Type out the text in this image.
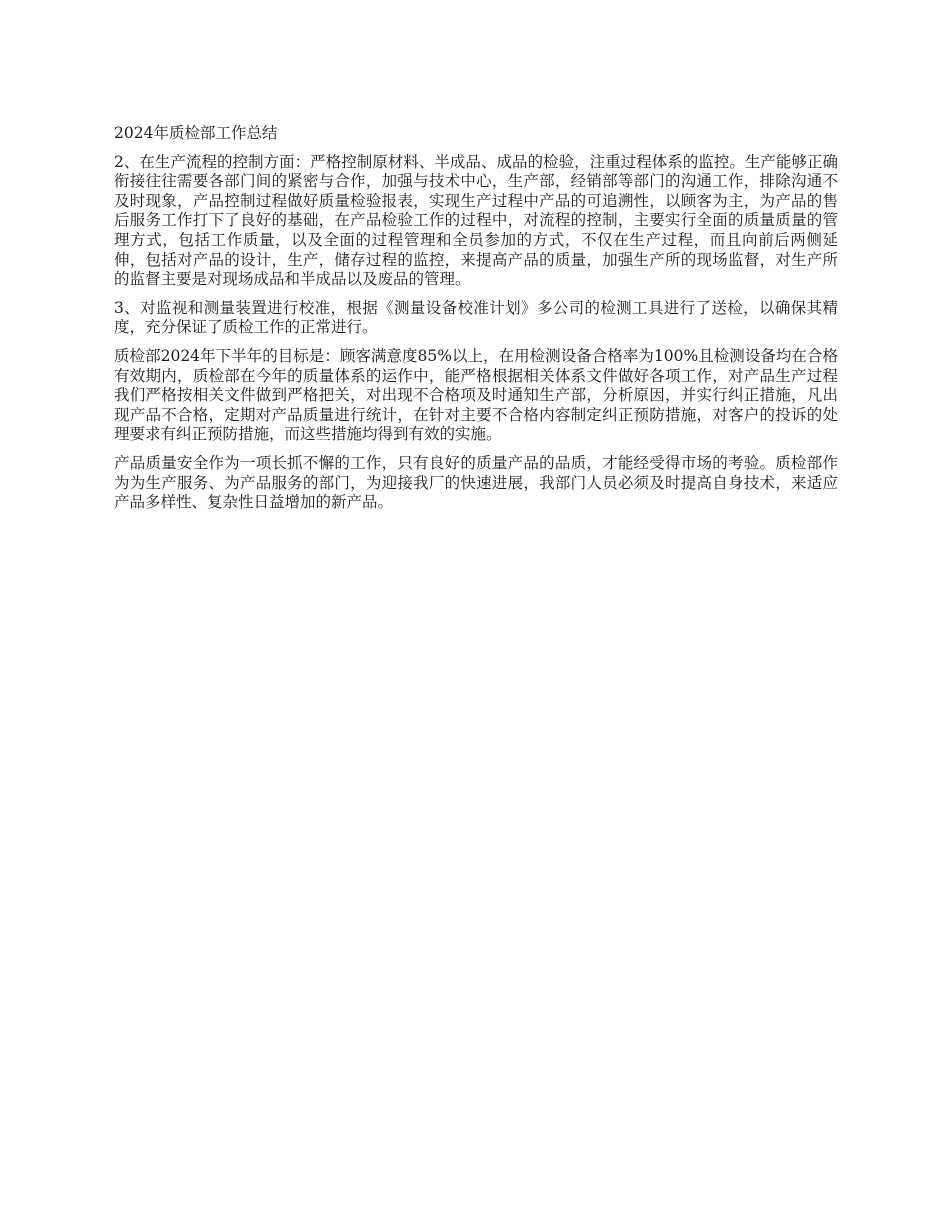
2024年质检部工作总结

2、在生产流程的控制方面：严格控制原材料、半成品、成品的检验，注重过程体系的监控。生产能够正确衔接往往需要各部门间的紧密与合作，加强与技术中心，生产部，经销部等部门的沟通工作，排除沟通不及时现象，产品控制过程做好质量检验报表，实现生产过程中产品的可追溯性，以顾客为主，为产品的售后服务工作打下了良好的基础，在产品检验工作的过程中，对流程的控制，主要实行全面的质量质量的管理方式，包括工作质量，以及全面的过程管理和全员参加的方式，不仅在生产过程，而且向前后两侧延伸，包括对产品的设计，生产，储存过程的监控，来提高产品的质量，加强生产所的现场监督，对生产所的监督主要是对现场成品和半成品以及废品的管理。

3、对监视和测量装置进行校准，根据《测量设备校准计划》多公司的检测工具进行了送检，以确保其精度，充分保证了质检工作的正常进行。

质检部2024年下半年的目标是：顾客满意度85%以上，在用检测设备合格率为100%且检测设备均在合格有效期内，质检部在今年的质量体系的运作中，能严格根据相关体系文件做好各项工作，对产品生产过程我们严格按相关文件做到严格把关，对出现不合格项及时通知生产部，分析原因，并实行纠正措施，凡出现产品不合格，定期对产品质量进行统计，在针对主要不合格内容制定纠正预防措施，对客户的投诉的处理要求有纠正预防措施，而这些措施均得到有效的实施。

产品质量安全作为一项长抓不懈的工作，只有良好的质量产品的品质，才能经受得市场的考验。质检部作为为生产服务、为产品服务的部门，为迎接我厂的快速进展，我部门人员必须及时提高自身技术，来适应产品多样性、复杂性日益增加的新产品。
